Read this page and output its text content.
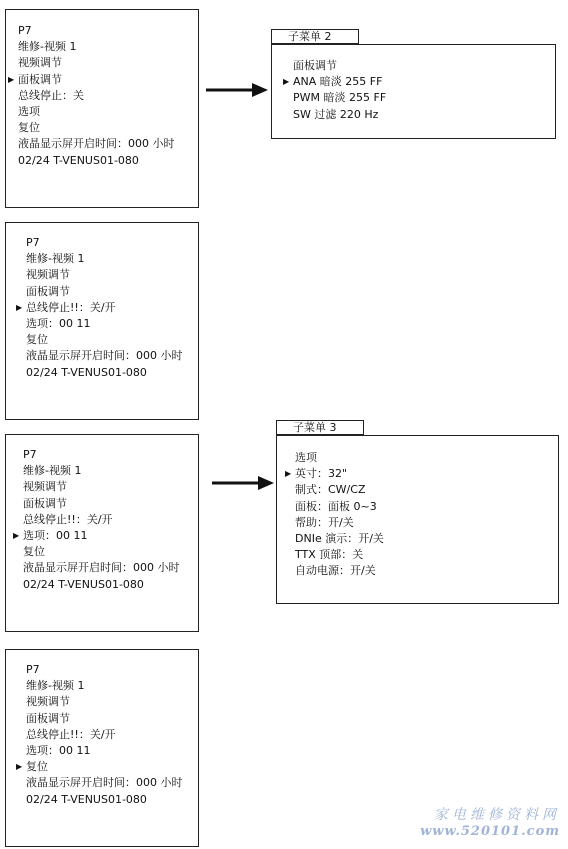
P7
维修-视频 1
视频调节
▶ 面板调节
总线停止：关
选项
复位
液晶显示屏开启时间：000 小时
02/24 T-VENUS01-080
子菜单 2
面板调节
▶ ANA 暗淡 255 FF
PWM 暗淡 255 FF
SW 过滤 220 Hz
P7
维修-视频 1
视频调节
面板调节
▶ 总线停止!!：关/开
选项：00 11
复位
液晶显示屏开启时间：000 小时
02/24 T-VENUS01-080
P7
维修-视频 1
视频调节
面板调节
总线停止!!：关/开
▶ 选项：00 11
复位
液晶显示屏开启时间：000 小时
02/24 T-VENUS01-080
子菜单 3
选项
▶ 英寸：32"
制式：CW/CZ
面板：面板 0~3
帮助：开/关
DNIe 演示：开/关
TTX 顶部：关
自动电源：开/关
P7
维修-视频 1
视频调节
面板调节
总线停止!!：关/开
选项：00 11
▶ 复位
液晶显示屏开启时间：000 小时
02/24 T-VENUS01-080
家电维修资料网
www.520101.com
